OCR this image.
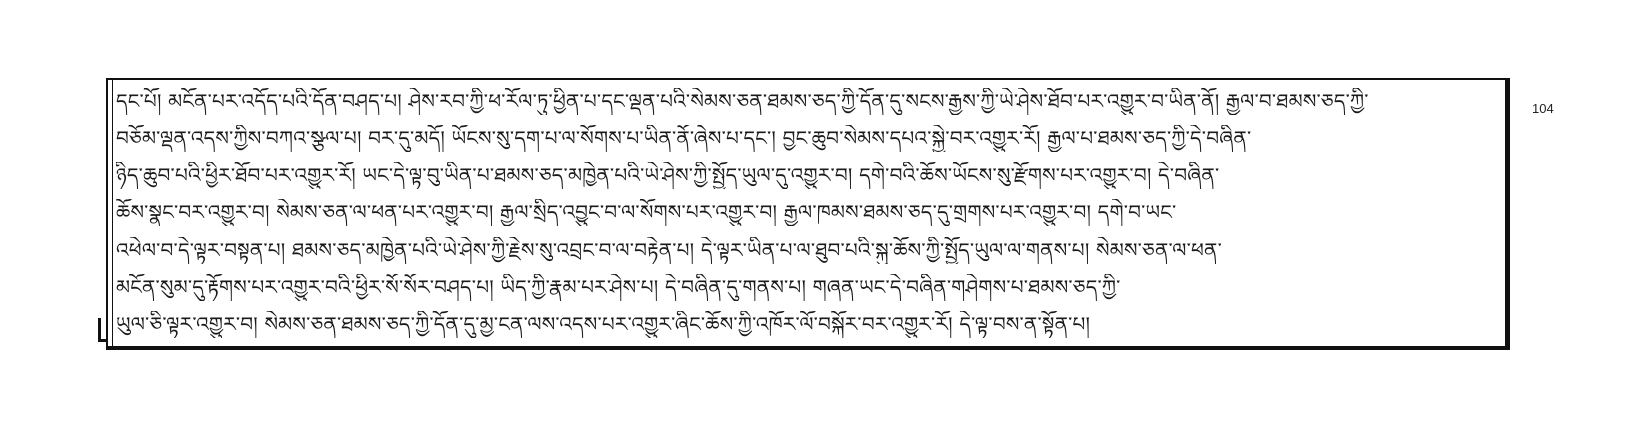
དང་པོ། མངོན་པར་འདོད་པའི་དོན་བཤད་པ། ཤེས་རབ་ཀྱི་ཕ་རོལ་ཏུ་ཕྱིན་པ་དང་ལྡན་པའི་སེམས་ཅན་ཐམས་ཅད་ཀྱི་དོན་དུ་སངས་རྒྱས་ཀྱི་ཡེ་ཤེས་ཐོབ་པར་འགྱུར་བ་ཡིན་ནོ། རྒྱལ་བ་ཐམས་ཅད་ཀྱི་
བཅོམ་ལྡན་འདས་ཀྱིས་བཀའ་སྩལ་པ། བར་དུ་མདོ། ཡོངས་སུ་དག་པ་ལ་སོགས་པ་ཡིན་ནོ་ཞེས་པ་དང་། བྱང་ཆུབ་སེམས་དཔའ་སྐྱེ་བར་འགྱུར་རོ། རྒྱལ་པ་ཐམས་ཅད་ཀྱི་དེ་བཞིན་
ཉིད་ཆུབ་པའི་ཕྱིར་ཐོབ་པར་འགྱུར་རོ། ཡང་དེ་ལྟ་བུ་ཡིན་པ་ཐམས་ཅད་མཁྱེན་པའི་ཡེ་ཤེས་ཀྱི་སྤྱོད་ཡུལ་དུ་འགྱུར་བ། དགེ་བའི་ཆོས་ཡོངས་སུ་རྫོགས་པར་འགྱུར་བ། དེ་བཞིན་
ཆོས་སྣང་བར་འགྱུར་བ། སེམས་ཅན་ལ་ཕན་པར་འགྱུར་བ། རྒྱལ་སྲིད་འབྱུང་བ་ལ་སོགས་པར་འགྱུར་བ། རྒྱལ་ཁམས་ཐམས་ཅད་དུ་གྲགས་པར་འགྱུར་བ། དགེ་བ་ཡང་
འཕེལ་བ་དེ་ལྟར་བསྟན་པ། ཐམས་ཅད་མཁྱེན་པའི་ཡེ་ཤེས་ཀྱི་རྗེས་སུ་འབྲང་བ་ལ་བརྟེན་པ། དེ་ལྟར་ཡིན་པ་ལ་ཐུབ་པའི་སྐུ་ཆོས་ཀྱི་སྤྱོད་ཡུལ་ལ་གནས་པ། སེམས་ཅན་ལ་ཕན་
མངོན་སུམ་དུ་རྟོགས་པར་འགྱུར་བའི་ཕྱིར་སོ་སོར་བཤད་པ། ཡིད་ཀྱི་རྣམ་པར་ཤེས་པ། དེ་བཞིན་དུ་གནས་པ། གཞན་ཡང་དེ་བཞིན་གཤེགས་པ་ཐམས་ཅད་ཀྱི་
ཡུལ་ཅི་ལྟར་འགྱུར་བ། སེམས་ཅན་ཐམས་ཅད་ཀྱི་དོན་དུ་མྱ་ངན་ལས་འདས་པར་འགྱུར་ཞིང་ཆོས་ཀྱི་འཁོར་ལོ་བསྐོར་བར་འགྱུར་རོ། དེ་ལྟ་བས་ན་སྟོན་པ།
104
